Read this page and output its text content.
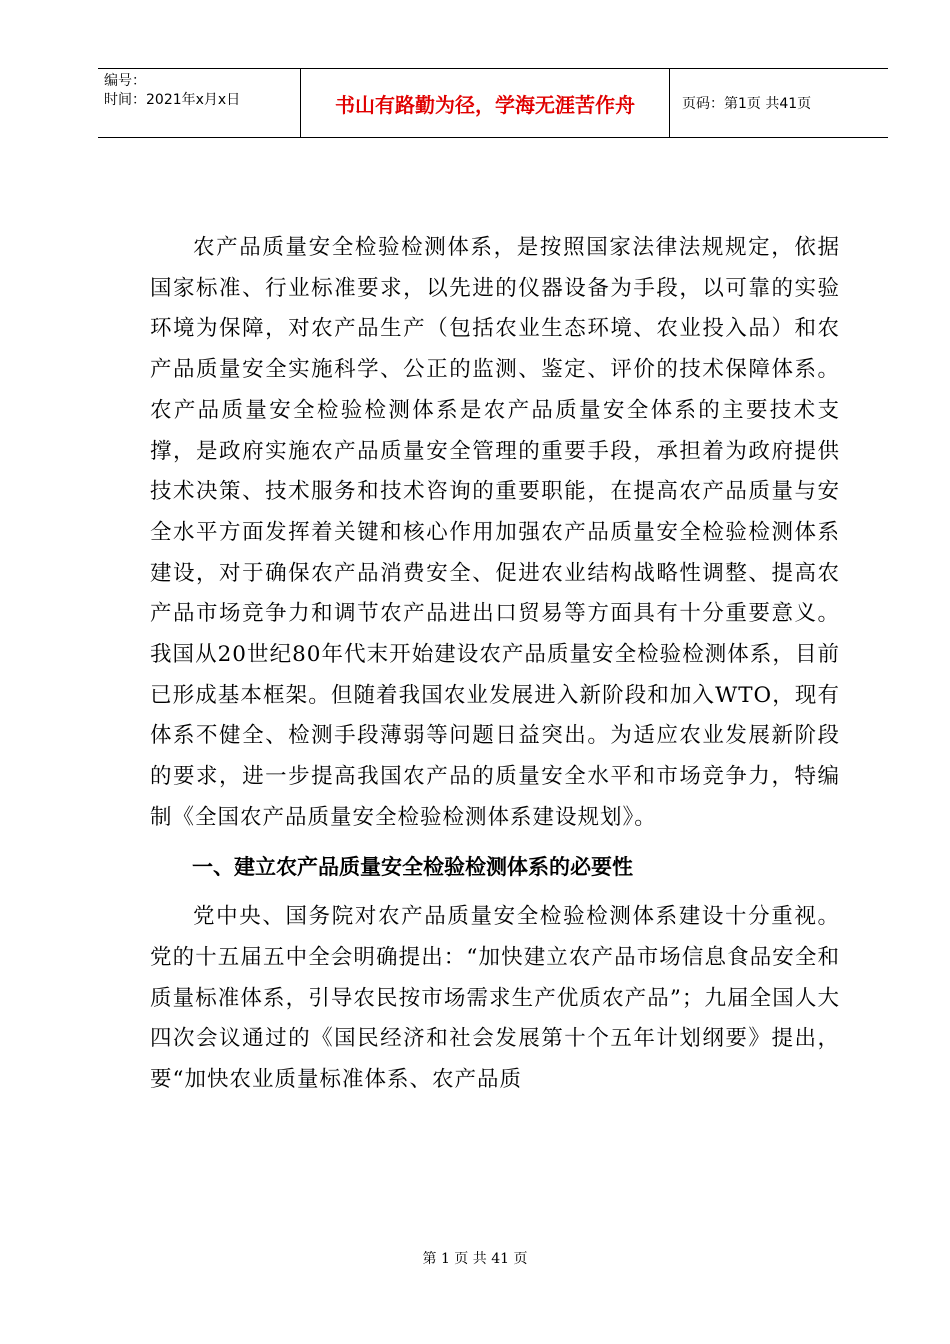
编号：
时间：2021年x月x日	书山有路勤为径，学海无涯苦作舟	页码：第1页 共41页

农产品质量安全检验检测体系，是按照国家法律法规规定，依据国家标准、行业标准要求，以先进的仪器设备为手段，以可靠的实验环境为保障，对农产品生产（包括农业生态环境、农业投入品）和农产品质量安全实施科学、公正的监测、鉴定、评价的技术保障体系。农产品质量安全检验检测体系是农产品质量安全体系的主要技术支撑，是政府实施农产品质量安全管理的重要手段，承担着为政府提供技术决策、技术服务和技术咨询的重要职能，在提高农产品质量与安全水平方面发挥着关键和核心作用加强农产品质量安全检验检测体系建设，对于确保农产品消费安全、促进农业结构战略性调整、提高农产品市场竞争力和调节农产品进出口贸易等方面具有十分重要意义。我国从20世纪80年代末开始建设农产品质量安全检验检测体系，目前已形成基本框架。但随着我国农业发展进入新阶段和加入WTO，现有体系不健全、检测手段薄弱等问题日益突出。为适应农业发展新阶段的要求，进一步提高我国农产品的质量安全水平和市场竞争力，特编制《全国农产品质量安全检验检测体系建设规划》。

一、建立农产品质量安全检验检测体系的必要性

党中央、国务院对农产品质量安全检验检测体系建设十分重视。党的十五届五中全会明确提出：“加快建立农产品市场信息食品安全和质量标准体系，引导农民按市场需求生产优质农产品”；九届全国人大四次会议通过的《国民经济和社会发展第十个五年计划纲要》提出，要“加快农业质量标准体系、农产品质

第 1 页 共 41 页
